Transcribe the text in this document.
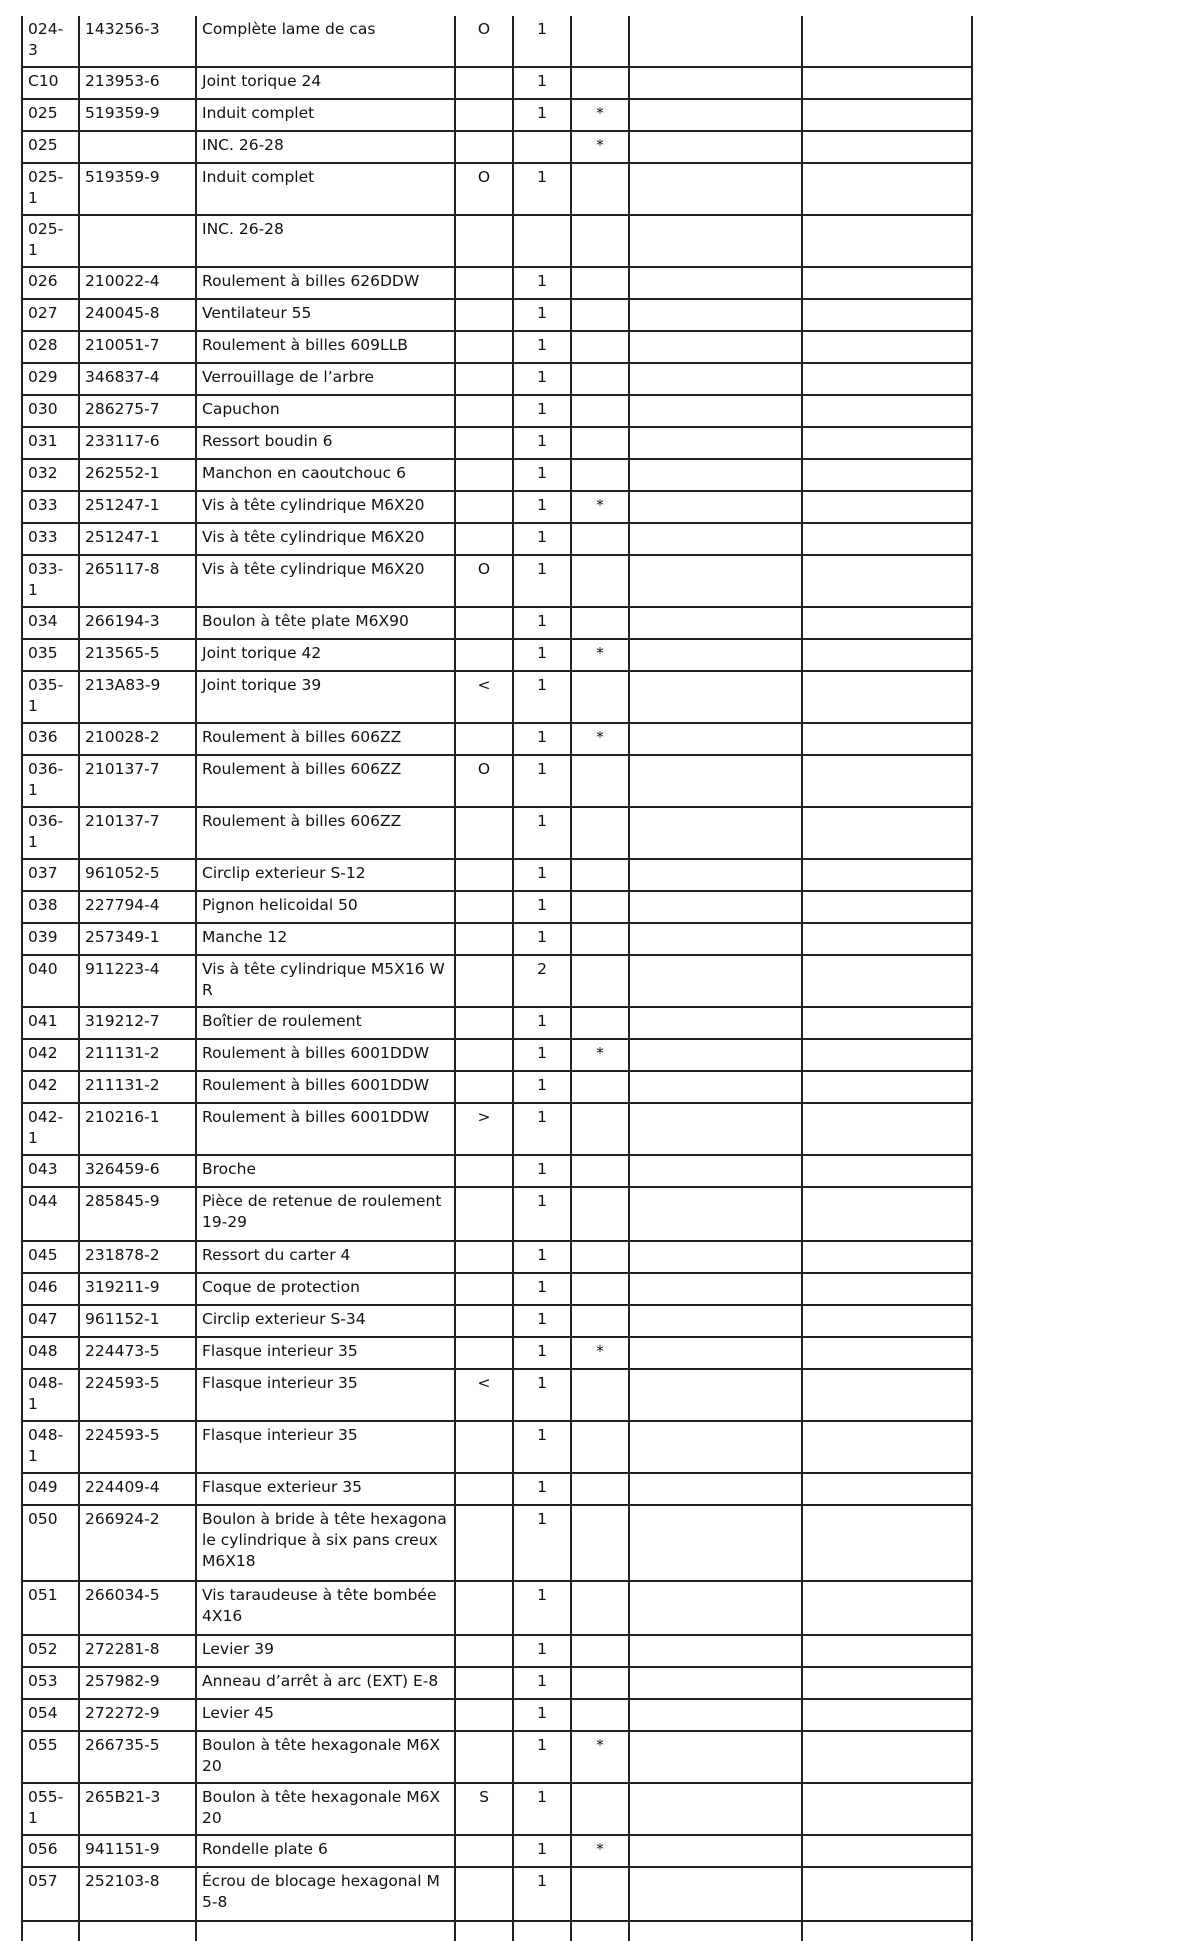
024-3	143256-3	Complète lame de cas	O	1			
C10	213953-6	Joint torique 24		1			
025	519359-9	Induit complet		1	*		
025		INC. 26-28			*		
025-1	519359-9	Induit complet	O	1			
025-1		INC. 26-28					

026	210022-4	Roulement à billes 626DDW		1			
027	240045-8	Ventilateur 55		1			
028	210051-7	Roulement à billes 609LLB		1			
029	346837-4	Verrouillage de l’arbre		1			
030	286275-7	Capuchon		1			
031	233117-6	Ressort boudin 6		1			
032	262552-1	Manchon en caoutchouc 6		1			
033	251247-1	Vis à tête cylindrique M6X20		1	*		
033	251247-1	Vis à tête cylindrique M6X20		1			
033-1	265117-8	Vis à tête cylindrique M6X20	O	1			
034	266194-3	Boulon à tête plate M6X90		1			
035	213565-5	Joint torique 42		1	*		
035-1	213A83-9	Joint torique 39	<	1			
036	210028-2	Roulement à billes 606ZZ		1	*		
036-1	210137-7	Roulement à billes 606ZZ	O	1			
036-1	210137-7	Roulement à billes 606ZZ		1			
037	961052-5	Circlip exterieur S-12		1			
038	227794-4	Pignon helicoidal 50		1			
039	257349-1	Manche 12		1			
040	911223-4	Vis à tête cylindrique M5X16 WR		2			
041	319212-7	Boîtier de roulement		1			
042	211131-2	Roulement à billes 6001DDW		1	*		
042	211131-2	Roulement à billes 6001DDW		1			
042-1	210216-1	Roulement à billes 6001DDW	>	1			
043	326459-6	Broche		1			
044	285845-9	Pièce de retenue de roulement 19-29		1			
045	231878-2	Ressort du carter 4		1			
046	319211-9	Coque de protection		1			
047	961152-1	Circlip exterieur S-34		1			
048	224473-5	Flasque interieur 35		1	*		
048-1	224593-5	Flasque interieur 35	<	1			
048-1	224593-5	Flasque interieur 35		1			
049	224409-4	Flasque exterieur 35		1			
050	266924-2	Boulon à bride à tête hexagonale cylindrique à six pans creux M6X18		1			
051	266034-5	Vis taraudeuse à tête bombée 4X16		1			
052	272281-8	Levier 39		1			
053	257982-9	Anneau d’arrêt à arc (EXT) E-8		1			
054	272272-9	Levier 45		1			
055	266735-5	Boulon à tête hexagonale M6X20		1	*		
055-1	265B21-3	Boulon à tête hexagonale M6X20	S	1			
056	941151-9	Rondelle plate 6		1	*		
057	252103-8	Écrou de blocage hexagonal M5-8		1			
